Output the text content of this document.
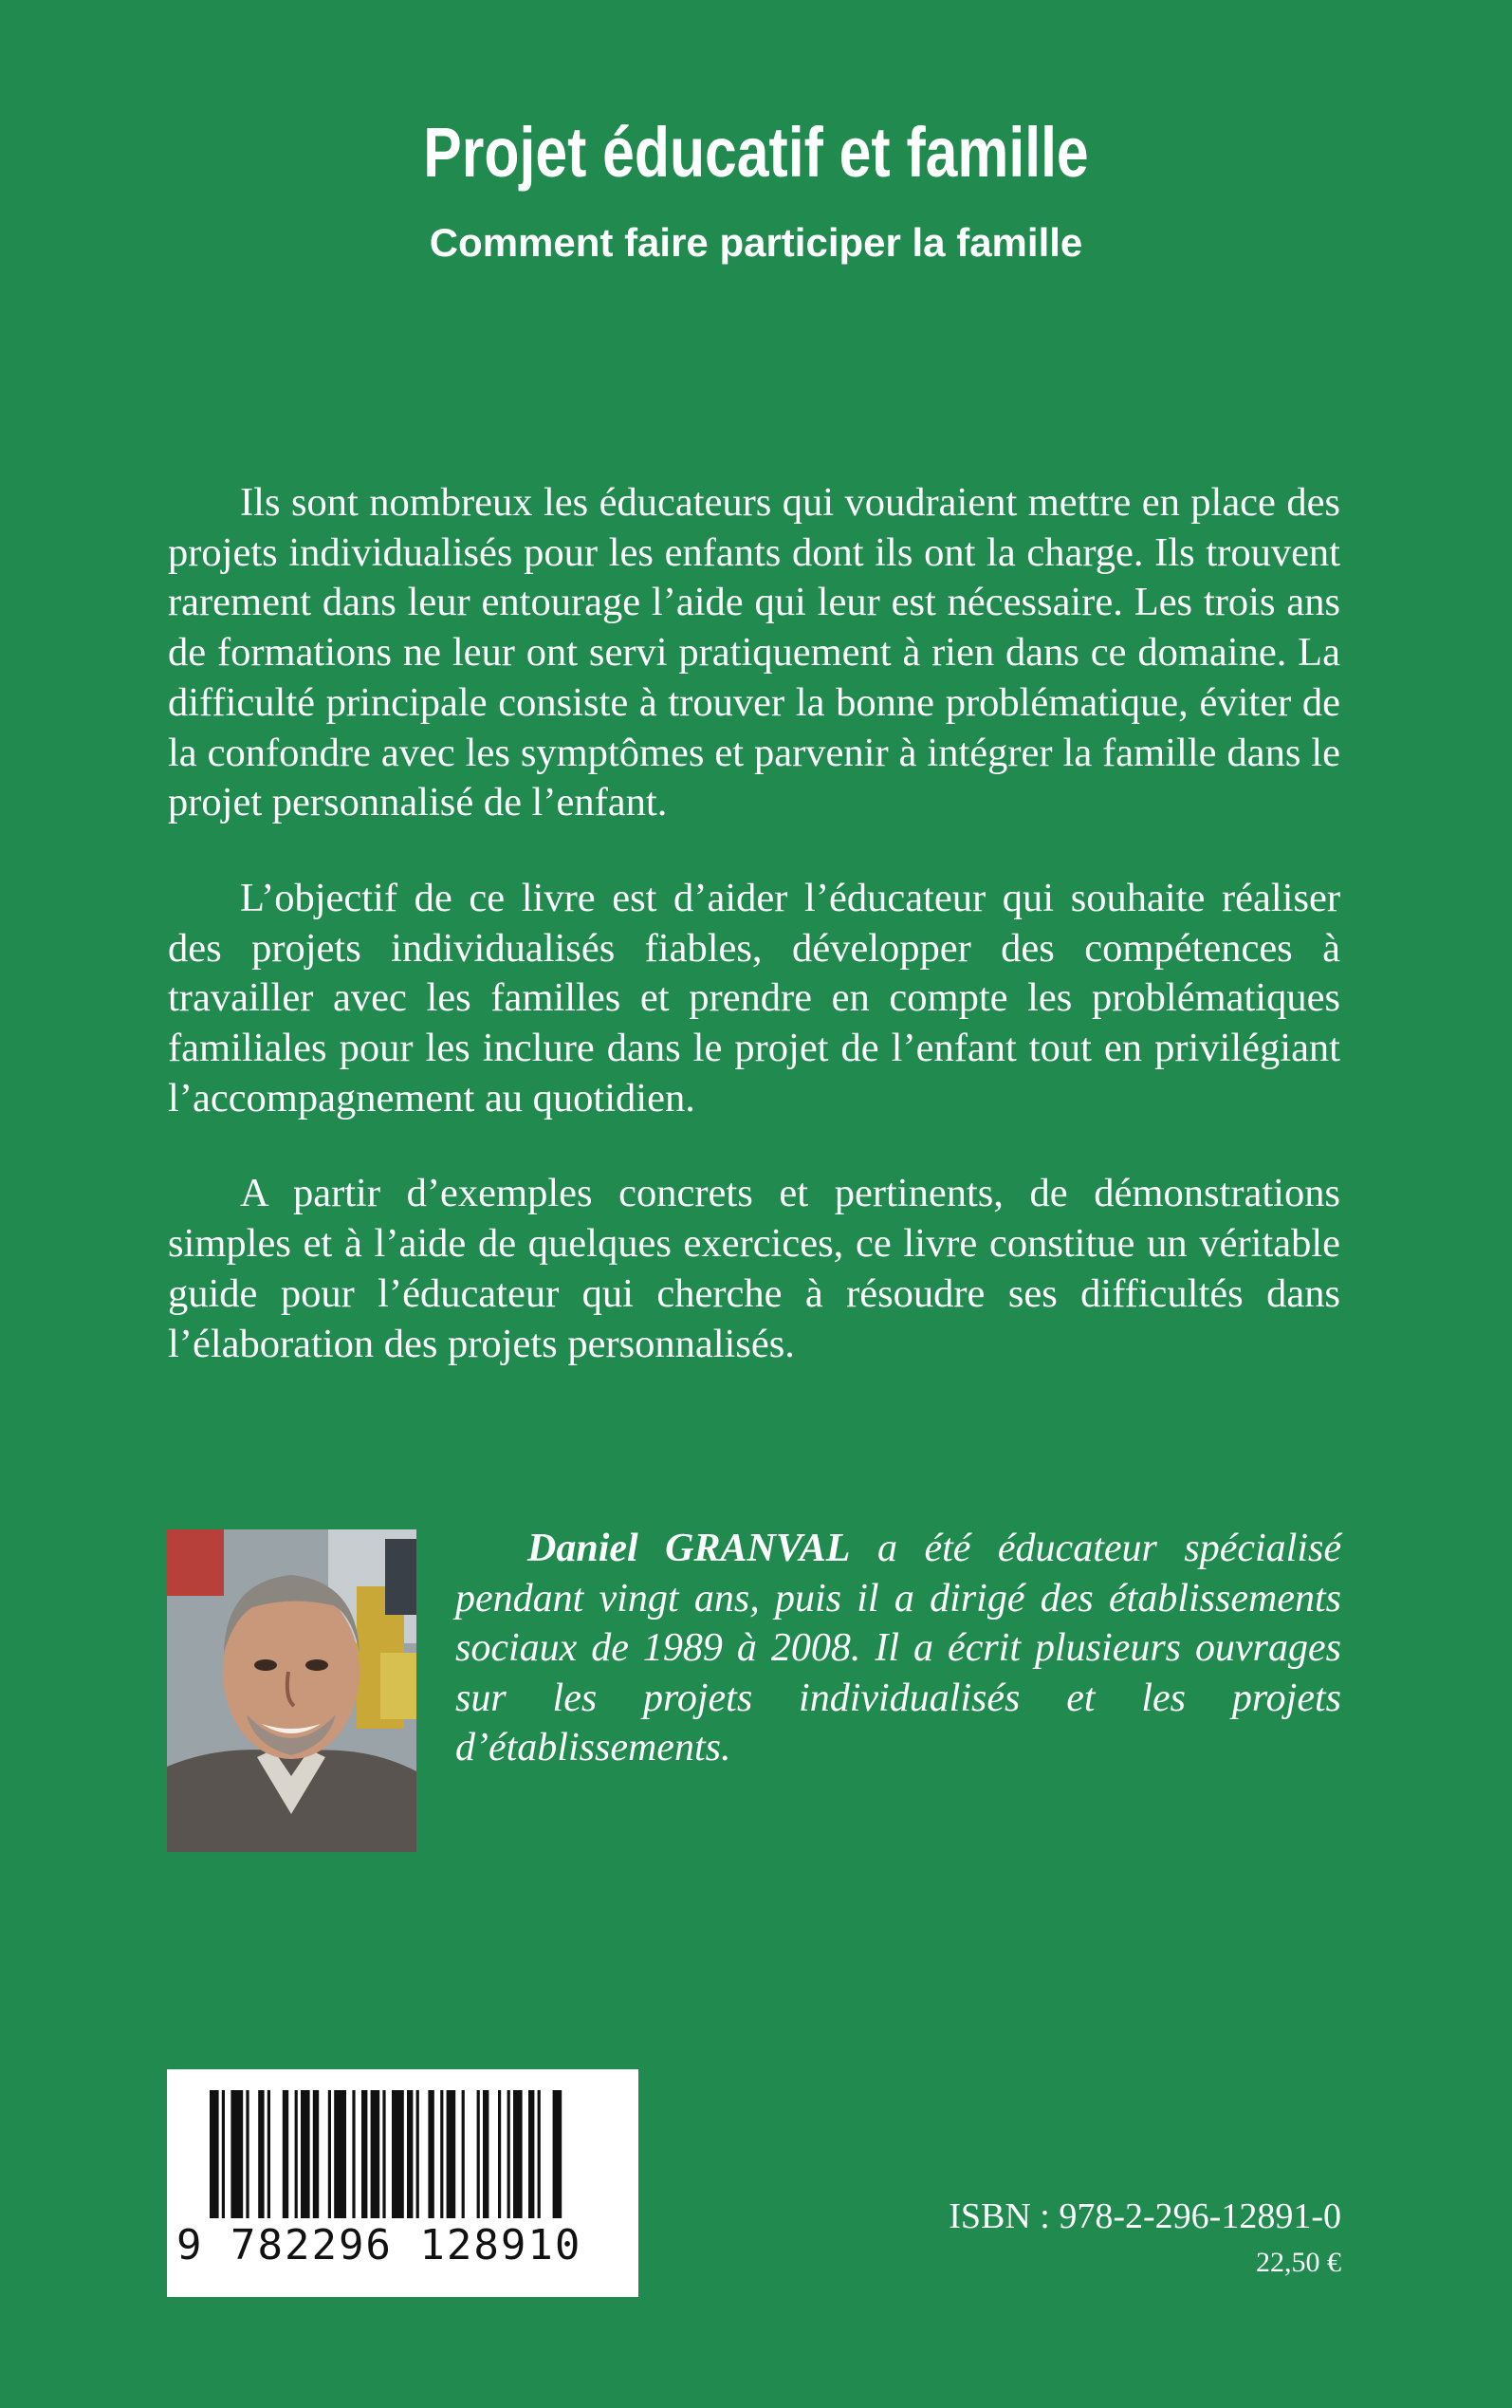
Projet éducatif et famille
Comment faire participer la famille

Ils sont nombreux les éducateurs qui voudraient mettre en place des projets individualisés pour les enfants dont ils ont la charge. Ils trouvent rarement dans leur entourage l’aide qui leur est nécessaire. Les trois ans de formations ne leur ont servi pratiquement à rien dans ce domaine. La difficulté principale consiste à trouver la bonne problématique, éviter de la confondre avec les symptômes et parvenir à intégrer la famille dans le projet personnalisé de l’enfant.

L’objectif de ce livre est d’aider l’éducateur qui souhaite réaliser des projets individualisés fiables, développer des compétences à travailler avec les familles et prendre en compte les problématiques familiales pour les inclure dans le projet de l’enfant tout en privilégiant l’accompagnement au quotidien.

A partir d’exemples concrets et pertinents, de démonstrations simples et à l’aide de quelques exercices, ce livre constitue un véritable guide pour l’éducateur qui cherche à résoudre ses difficultés dans l’élaboration des projets personnalisés.

Daniel GRANVAL a été éducateur spécialisé pendant vingt ans, puis il a dirigé des établissements sociaux de 1989 à 2008. Il a écrit plusieurs ouvrages sur les projets individualisés et les projets d’établissements.

9 782296 128910
ISBN : 978-2-296-12891-0
22,50 €
